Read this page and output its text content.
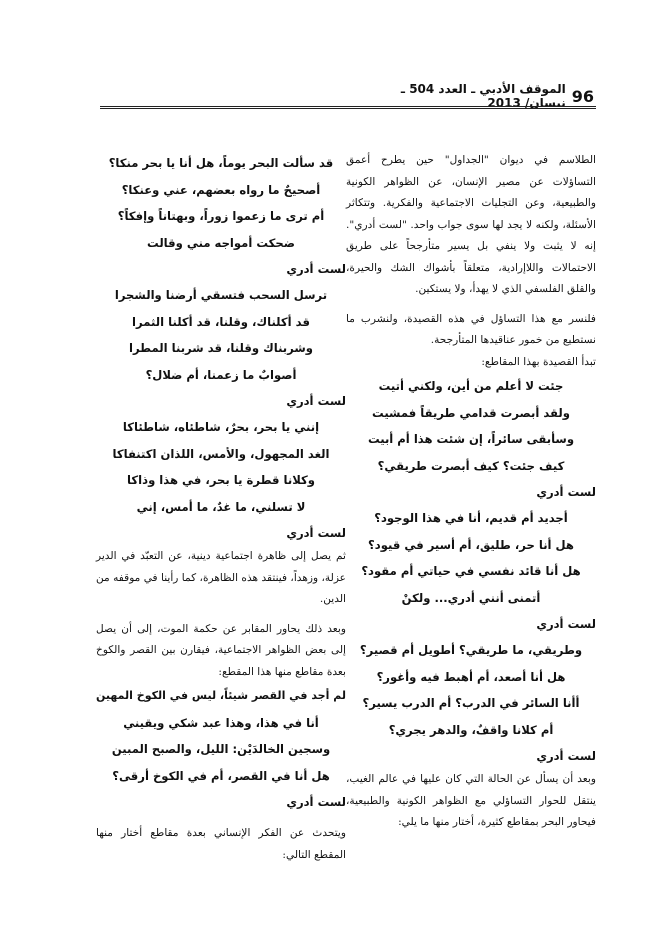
96
الموقف الأدبي ـ العدد 504 ـ نيسان/ 2013

الطلاسم في ديوان "الجداول" حين يطرح أعمق التساؤلات عن مصير الإنسان، عن الظواهر الكونية والطبيعية، وعن التجليات الاجتماعية والفكرية. وتتكاثر الأسئلة، ولكنه لا يجد لها سوى جواب واحد. "لست أدري". إنه لا يثبت ولا ينفي بل يسير متأرجحاً على طريق الاحتمالات واللاإرادية، متعلقاً بأشواك الشك والحيرة، والقلق الفلسفي الذي لا يهدأ، ولا يستكين.

فلنسر مع هذا التساؤل في هذه القصيدة، ولنشرب ما نستطيع من خمور عناقيدها المتأرجحة.

تبدأ القصيدة بهذا المقاطع:

جئت لا أعلم من أين، ولكني أتيت

ولقد أبصرت قدامي طريقاً فمشيت

وسأبقى سائراً، إن شئت هذا أم أبيت

كيف جئت؟ كيف أبصرت طريقي؟

لست أدري

أجديد أم قديم، أنا في هذا الوجود؟

هل أنا حر، طليق، أم أسير في قيود؟

هل أنا قائد نفسي في حياتي أم مقود؟

أتمنى أنني أدري... ولكنْ

لست أدري

وطريقي، ما طريقي؟ أطويل أم قصير؟

هل أنا أصعد، أم أهبط فيه وأغور؟

أأنا السائر في الدرب؟ أم الدرب يسير؟

أم كلانا واقفٌ، والدهر يجري؟

لست أدري

وبعد أن يسأل عن الحالة التي كان عليها في عالم الغيب، ينتقل للحوار التساؤلي مع الظواهر الكونية والطبيعية، فيحاور البحر بمقاطع كثيرة، أختار منها ما يلي:

قد سألت البحر يوماً، هل أنا يا بحر منكا؟

أصحيحٌ ما رواه بعضهم، عني وعنكا؟

أم ترى ما زعموا زوراً، وبهتاناً وإفكاً؟

ضحكت أمواجه مني وقالت

لست أدري

ترسل السحب فتسقي أرضنا والشجرا

قد أكلناك، وقلنا، قد أكلنا الثمرا

وشربناك وقلنا، قد شربنا المطرا

أصوابٌ ما زعمنا، أم ضلال؟

لست أدري

إنني يا بحر، بحرٌ، شاطئاه، شاطئاكا

الغد المجهول، والأمس، اللذان اكتنفاكا

وكلانا قطرة يا بحر، في هذا وذاكا

لا تسلني، ما غدٌ، ما أمس، إني

لست أدري

ثم يصل إلى ظاهرة اجتماعية دينية، عن التعبّد في الدير عزلة، وزهداً، فينتقد هذه الظاهرة، كما رأينا في موقفه من الدين.

وبعد ذلك يحاور المقابر عن حكمة الموت، إلى أن يصل إلى بعض الظواهر الاجتماعية، فيقارن بين القصر والكوخ بعدة مقاطع منها هذا المقطع:

لم أجد في القصر شيئاً، ليس في الكوخ المهين

أنا في هذا، وهذا عبد شكي ويقيني

وسجين الخالدَيْن: الليل، والصبح المبين

هل أنا في القصر، أم في الكوخ أرقى؟

لست أدري

ويتحدث عن الفكر الإنساني بعدة مقاطع أختار منها المقطع التالي:
